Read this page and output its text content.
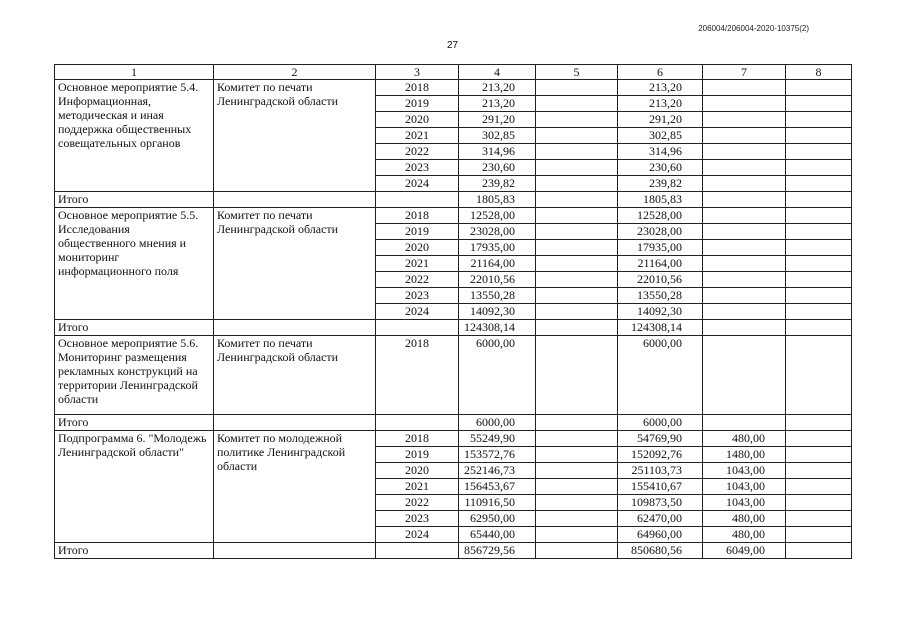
206004/206004-2020-10375(2)
27
1	2	3	4	5	6	7	8
Основное мероприятие 5.4. Информационная, методическая и иная поддержка общественных совещательных органов	Комитет по печати Ленинградской области	2018	213,20		213,20		
		2019	213,20		213,20		
		2020	291,20		291,20		
		2021	302,85		302,85		
		2022	314,96		314,96		
		2023	230,60		230,60		
		2024	239,82		239,82		
Итого			1805,83		1805,83		
Основное мероприятие 5.5. Исследования общественного мнения и мониторинг информационного поля	Комитет по печати Ленинградской области	2018	12528,00		12528,00		
		2019	23028,00		23028,00		
		2020	17935,00		17935,00		
		2021	21164,00		21164,00		
		2022	22010,56		22010,56		
		2023	13550,28		13550,28		
		2024	14092,30		14092,30		
Итого			124308,14		124308,14		
Основное мероприятие 5.6. Мониторинг размещения рекламных конструкций на территории Ленинградской области	Комитет по печати Ленинградской области	2018	6000,00		6000,00		
Итого			6000,00		6000,00		
Подпрограмма 6. "Молодежь Ленинградской области"	Комитет по молодежной политике Ленинградской области	2018	55249,90		54769,90	480,00	
		2019	153572,76		152092,76	1480,00	
		2020	252146,73		251103,73	1043,00	
		2021	156453,67		155410,67	1043,00	
		2022	110916,50		109873,50	1043,00	
		2023	62950,00		62470,00	480,00	
		2024	65440,00		64960,00	480,00	
Итого			856729,56		850680,56	6049,00	
